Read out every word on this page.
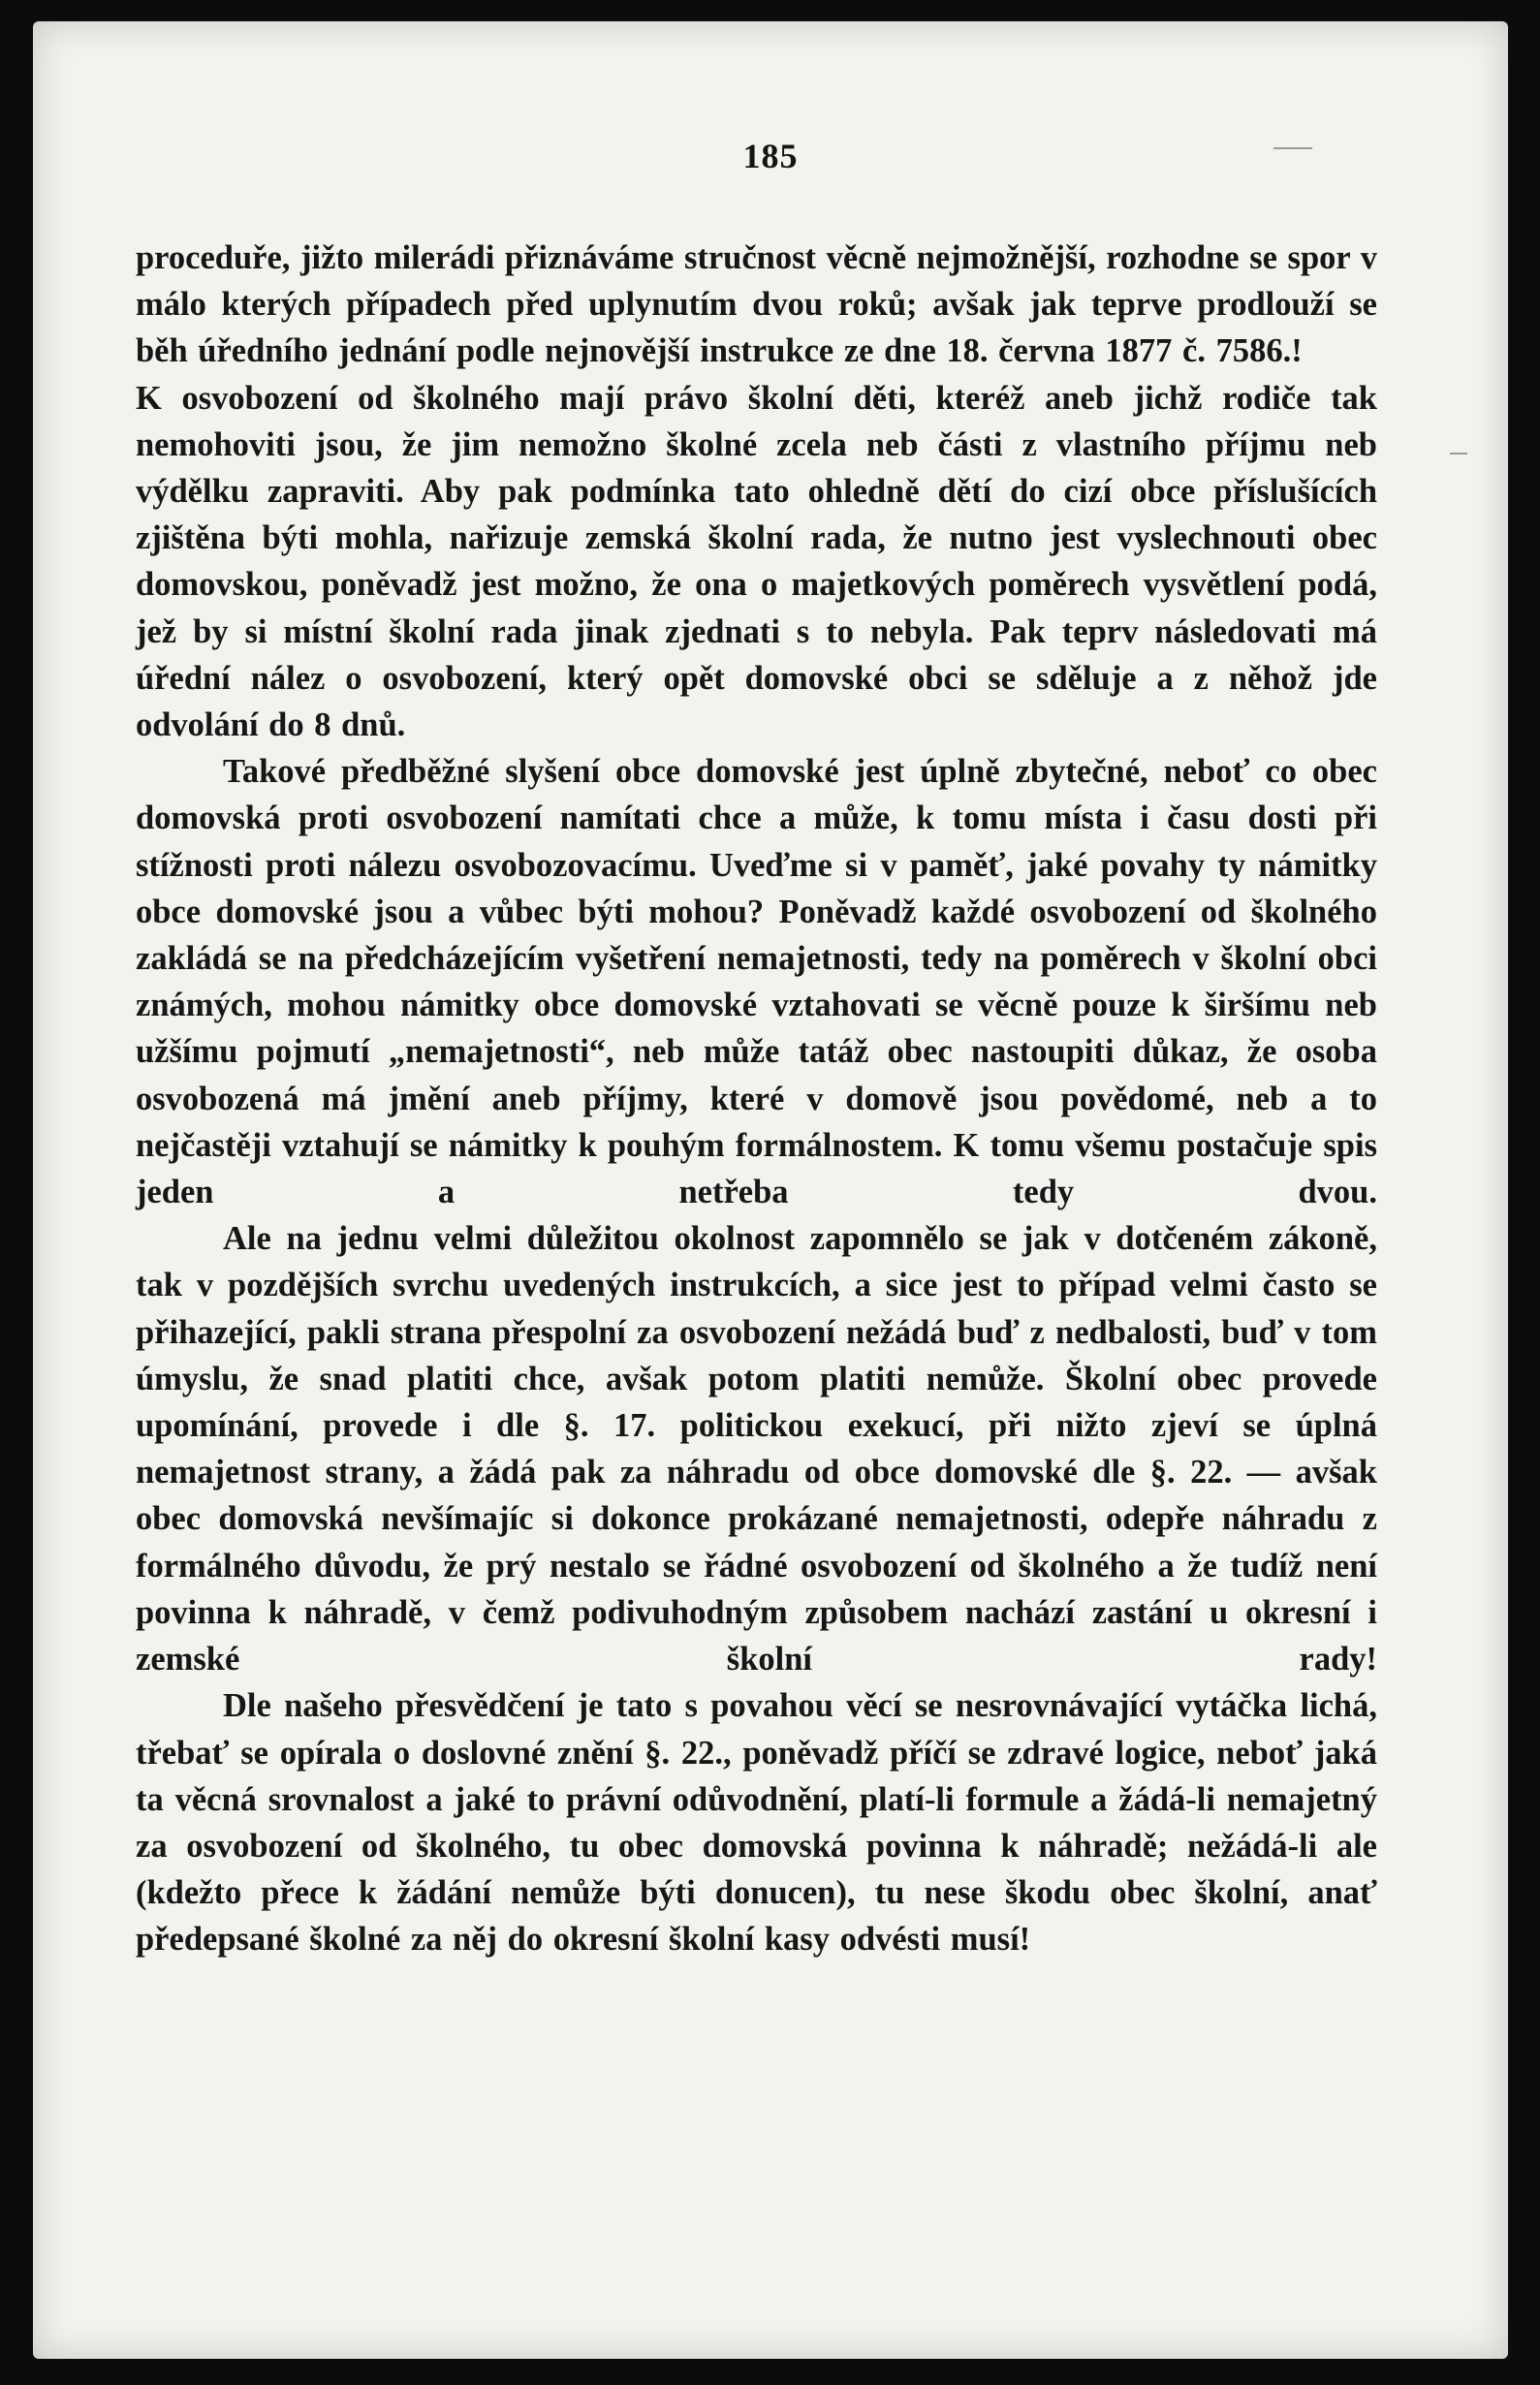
185

proceduře, jižto milerádi přiznáváme stručnost věcně nejmožnější, rozhodne se spor v málo kterých případech před uplynutím dvou roků; avšak jak teprve prodlouží se běh úředního jednání podle nejnovější instrukce ze dne 18. června 1877 č. 7586.!

K osvobození od školného mají právo školní děti, kteréž aneb jichž rodiče tak nemohoviti jsou, že jim nemožno školné zcela neb části z vlastního příjmu neb výdělku zapraviti. Aby pak podmínka tato ohledně dětí do cizí obce příslušících zjištěna býti mohla, nařizuje zemská školní rada, že nutno jest vyslechnouti obec domovskou, poněvadž jest možno, že ona o majetkových poměrech vysvětlení podá, jež by si místní školní rada jinak zjednati s to nebyla. Pak teprv následovati má úřední nález o osvobození, který opět domovské obci se sděluje a z něhož jde odvolání do 8 dnů.

Takové předběžné slyšení obce domovské jest úplně zbytečné, neboť co obec domovská proti osvobození namítati chce a může, k tomu místa i času dosti při stížnosti proti nálezu osvobozovacímu. Uveďme si v paměť, jaké povahy ty námitky obce domovské jsou a vůbec býti mohou? Poněvadž každé osvobození od školného zakládá se na předcházejícím vyšetření nemajetnosti, tedy na poměrech v školní obci známých, mohou námitky obce domovské vztahovati se věcně pouze k širšímu neb užšímu pojmutí „nemajetnosti“, neb může tatáž obec nastoupiti důkaz, že osoba osvobozená má jmění aneb příjmy, které v domově jsou povědomé, neb a to nejčastěji vztahují se námitky k pouhým formálnostem. K tomu všemu postačuje spis jeden a netřeba tedy dvou.

Ale na jednu velmi důležitou okolnost zapomnělo se jak v dotčeném zákoně, tak v pozdějších svrchu uvedených instrukcích, a sice jest to případ velmi často se přihazející, pakli strana přespolní za osvobození nežádá buď z nedbalosti, buď v tom úmyslu, že snad platiti chce, avšak potom platiti nemůže. Školní obec provede upomínání, provede i dle §. 17. politickou exekucí, při nižto zjeví se úplná nemajetnost strany, a žádá pak za náhradu od obce domovské dle §. 22. — avšak obec domovská nevšímajíc si dokonce prokázané nemajetnosti, odepře náhradu z formálného důvodu, že prý nestalo se řádné osvobození od školného a že tudíž není povinna k náhradě, v čemž podivuhodným způsobem nachází zastání u okresní i zemské školní rady!

Dle našeho přesvědčení je tato s povahou věcí se nesrovnávající vytáčka lichá, třebať se opírala o doslovné znění §. 22., poněvadž příčí se zdravé logice, neboť jaká ta věcná srovnalost a jaké to právní odůvodnění, platí-li formule a žádá-li nemajetný za osvobození od školného, tu obec domovská povinna k náhradě; nežádá-li ale (kdežto přece k žádání nemůže býti donucen), tu nese škodu obec školní, anať předepsané školné za něj do okresní školní kasy odvésti musí!
